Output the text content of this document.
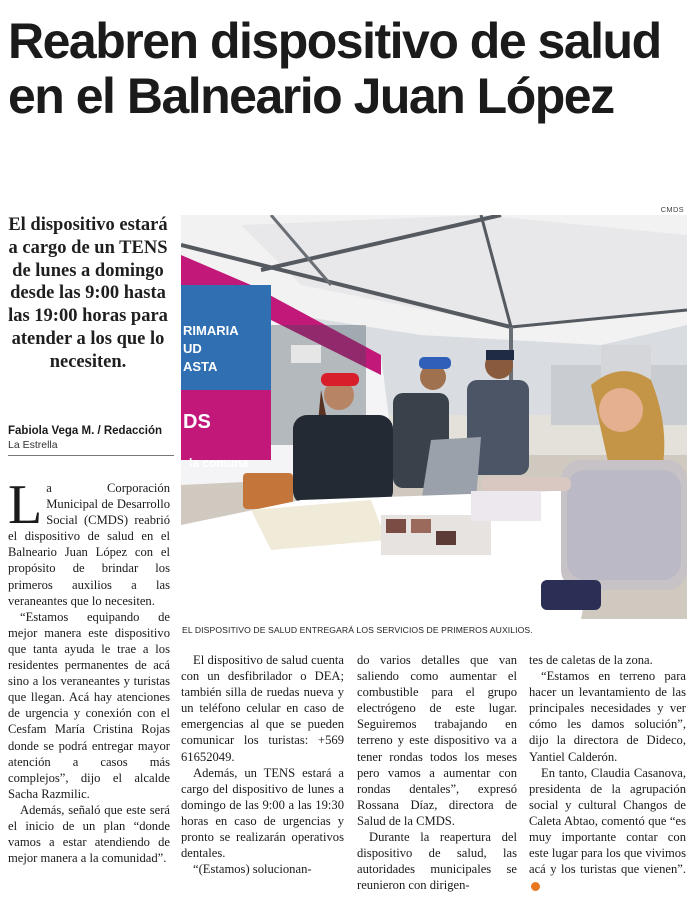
Reabren dispositivo de salud en el Balneario Juan López

El dispositivo estará a cargo de un TENS de lunes a domingo desde las 9:00 hasta las 19:00 horas para atender a los que lo necesiten.

Fabiola Vega M. / Redacción
La Estrella
CMDS
RIMARIA
UD
ASTA
DS
la comuna
EL DISPOSITIVO DE SALUD ENTREGARÁ LOS SERVICIOS DE PRIMEROS AUXILIOS.

La Corporación Municipal de Desarrollo Social (CMDS) reabrió el dispositivo de salud en el Balneario Juan López con el propósito de brindar los primeros auxilios a las veraneantes que lo necesiten.

“Estamos equipando de mejor manera este dispositivo que tanta ayuda le trae a los residentes permanentes de acá sino a los veraneantes y turistas que llegan. Acá hay atenciones de urgencia y conexión con el Cesfam María Cristina Rojas donde se podrá entregar mayor atención a casos más complejos”, dijo el alcalde Sacha Razmilic.

Además, señaló que este será el inicio de un plan “donde vamos a estar atendiendo de mejor manera a la comunidad”.

El dispositivo de salud cuenta con un desfibrilador o DEA; también silla de ruedas nueva y un teléfono celular en caso de emergencias al que se pueden comunicar los turistas: +569 61652049.

Además, un TENS estará a cargo del dispositivo de lunes a domingo de las 9:00 a las 19:30 horas en caso de urgencias y pronto se realizarán operativos dentales.

“(Estamos) solucionan-

do varios detalles que van saliendo como aumentar el combustible para el grupo electrógeno de este lugar. Seguiremos trabajando en terreno y este dispositivo va a tener rondas todos los meses pero vamos a aumentar con rondas dentales”, expresó Rossana Díaz, directora de Salud de la CMDS.

Durante la reapertura del dispositivo de salud, las autoridades municipales se reunieron con dirigen-

tes de caletas de la zona.

“Estamos en terreno para hacer un levantamiento de las principales necesidades y ver cómo les damos solución”, dijo la directora de Dideco, Yantiel Calderón.

En tanto, Claudia Casanova, presidenta de la agrupación social y cultural Changos de Caleta Abtao, comentó que “es muy importante contar con este lugar para los que vivimos acá y los turistas que vienen”.
